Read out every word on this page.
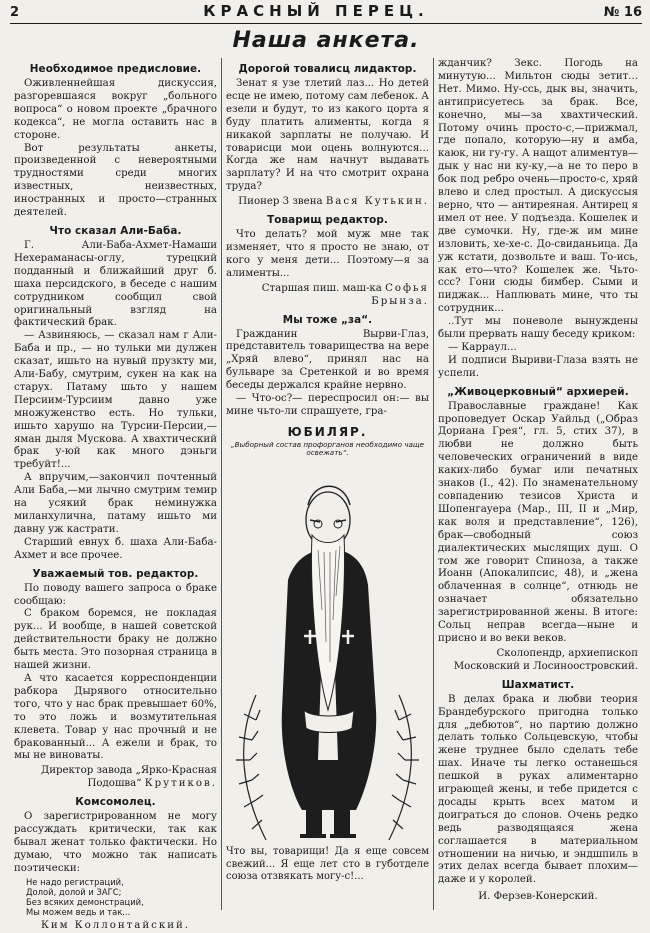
2	КРАСНЫЙ ПЕРЕЦ.	№ 16
Наша анкета.
Необходимое предисловие.

Оживленнейшая дискуссия, разгоревшаяся вокруг „больного вопроса“ о новом проекте „брачного кодекса“, не могла оставить нас в стороне.

Вот результаты анкеты, произведенной с невероятными трудностями среди многих известных, неизвестных, иностранных и просто—странных деятелей.

Что сказал Али-Баба.

Г. Али-Баба-Ахмет-Намаши Нехераманасы-оглу, турецкий подданный и ближайший друг б. шаха персидского, в беседе с нашим сотрудником сообщил свой оригинальный взгляд на фактический брак.

— Азвиняюсь, — сказал нам г Али-Баба и пр., — но тульки ми дулжен сказат, ишьто на нувый прузкту ми, Али-Бабу, смутрим, сукен на как на старух. Патаму шьто у нашем Персиим-Турсиим давно уже множуженство есть. Но тульки, ишьто харушо на Турсии-Персии,—яман дыля Мускова. А хвахтический брак у-юй как много дэньги требуйт!...

А впручим,—закончил почтенный Али Баба,—ми лычно смутрим темир на усякий брак неминужка миланхулична, патаму ишьто ми давну уж кастрати.

Старший евнух б. шаха Али-Баба-Ахмет и все прочее.

Уважаемый тов. редактор.

По поводу вашего запроса о браке сообщаю:

С браком боремся, не покладая рук... И вообще, в нашей советской действительности браку не должно быть места. Это позорная страница в нашей жизни.

А что касается корреспонденции рабкора Дырявого относительно того, что у нас брак превышает 60%, то это ложь и возмутительная клевета. Товар у нас прочный и не бракованный... А ежели и брак, то мы не виноваты.

Директор завода „Ярко-Красная Подошва“ Крутиков.
Комсомолец.

О зарегистрированном не могу рассуждать критически, так как бывал женат только фактически. Но думаю, что можно так написать поэтически:

Не надо регистраций,
Долой, долой и ЗАГС;
Без всяких демонстраций,
Мы можем ведь и так...
Ким Коллонтайский.
Дорогой товалисц лидактор.

Зенат я узе тлетий лаз... Но детей есце не имею, потому сам лебенок. А езели и будут, то из какого цорта я буду платить алименты, когда я никакой зарплаты не получаю. И товарисци мои оцень волнуются... Когда же нам начнут выдавать зарплату? И на что смотрит охрана труда?

Пионер 3 звена Вася Кутькин.
Товарищ редактор.

Что делать? мой муж мне так изменяет, что я просто не знаю, от кого у меня дети... Поэтому—я за алименты...

Старшая пиш. маш-ка Софья Брынза.
Мы тоже „за“.

Гражданин Вырви-Глаз, представитель товарищества на вере „Хряй влево“, принял нас на бульваре за Сретенкой и во время беседы держался крайне нервно.

— Что-ос?— переспросил он:— вы мине чьто-ли спрашуете, гра-

ЮБИЛЯР.
„Выборный состав профорганов необходимо чаще освежать“.
Что вы, товарищи! Да я еще совсем свежий... Я еще лет сто в губотделе союза отзвякать могу-с!...

жданчик? Зекс. Погодь на минутую... Мильтон сюды зетит... Нет. Мимо. Ну-ссь, дык вы, значить, антиприсуетесь за брак. Все, конечно, мы—за хвахтический. Потому очинь просто-с,—прижмал, где попало, которую—ну и амба, каюк, ни гу-гу. А нащот алиментув—дык у нас ни ку-ку,—а не то перо в бок под ребро очень—просто-с, хряй влево и след простыл. А дискуссыя верно, что — антиреяная. Антирец я имел от нее. У подъезда. Кошелек и две сумочки. Ну, где-ж им мине изловить, хе-хе-с. До-свиданьица. Да уж кстати, дозвольте и ваш. То-ись, как ето—что? Кошелек же. Чьто-ссс? Гони сюды бимбер. Сыми и пиджак... Наплювать мине, что ты сотрудник...

..Тут мы поневоле вынуждены были прервать нашу беседу криком:

— Карраул...

И подписи Выриви-Глаза взять не успели.

„Живоцерковный“ архиерей.

Православные граждане! Как проповедует Оскар Уайльд („Образ Дориана Грея“, гл. 5, стих 37), в любви не должно быть человеческих ограничений в виде каких-либо бумаг или печатных знаков (I., 42). По знаменательному совпадению тезисов Христа и Шопенгауера (Мар., III, II и „Мир, как воля и представление“, 126), брак—свободный союз диалектических мыслящих душ. О том же говорит Спиноза, а также Иоанн (Апокалипсис, 48), и „жена облаченная в солнце“, отнюдь не означает обязательно зарегистрированной жены. В итоге: Сольц неправ всегда—ныне и присно и во веки веков.

Сколопендр, архиепископ Московский и Лосиноостровский.
Шахматист.

В делах брака и любви теория Брандебурского пригодна только для „дебютов“, но партию должно делать только Сольцевскую, чтобы жене труднее было сделать тебе шах. Иначе ты легко останешься пешкой в руках алиментарно играющей жены, и тебе придется с досады крыть всех матом и доиграться до слонов. Очень редко ведь разводящаяся жена соглашается в материальном отношении на ничью, и эндшпиль в этих делах всегда бывает плохим—даже и у королей.

И. Ферзев-Конерский.
